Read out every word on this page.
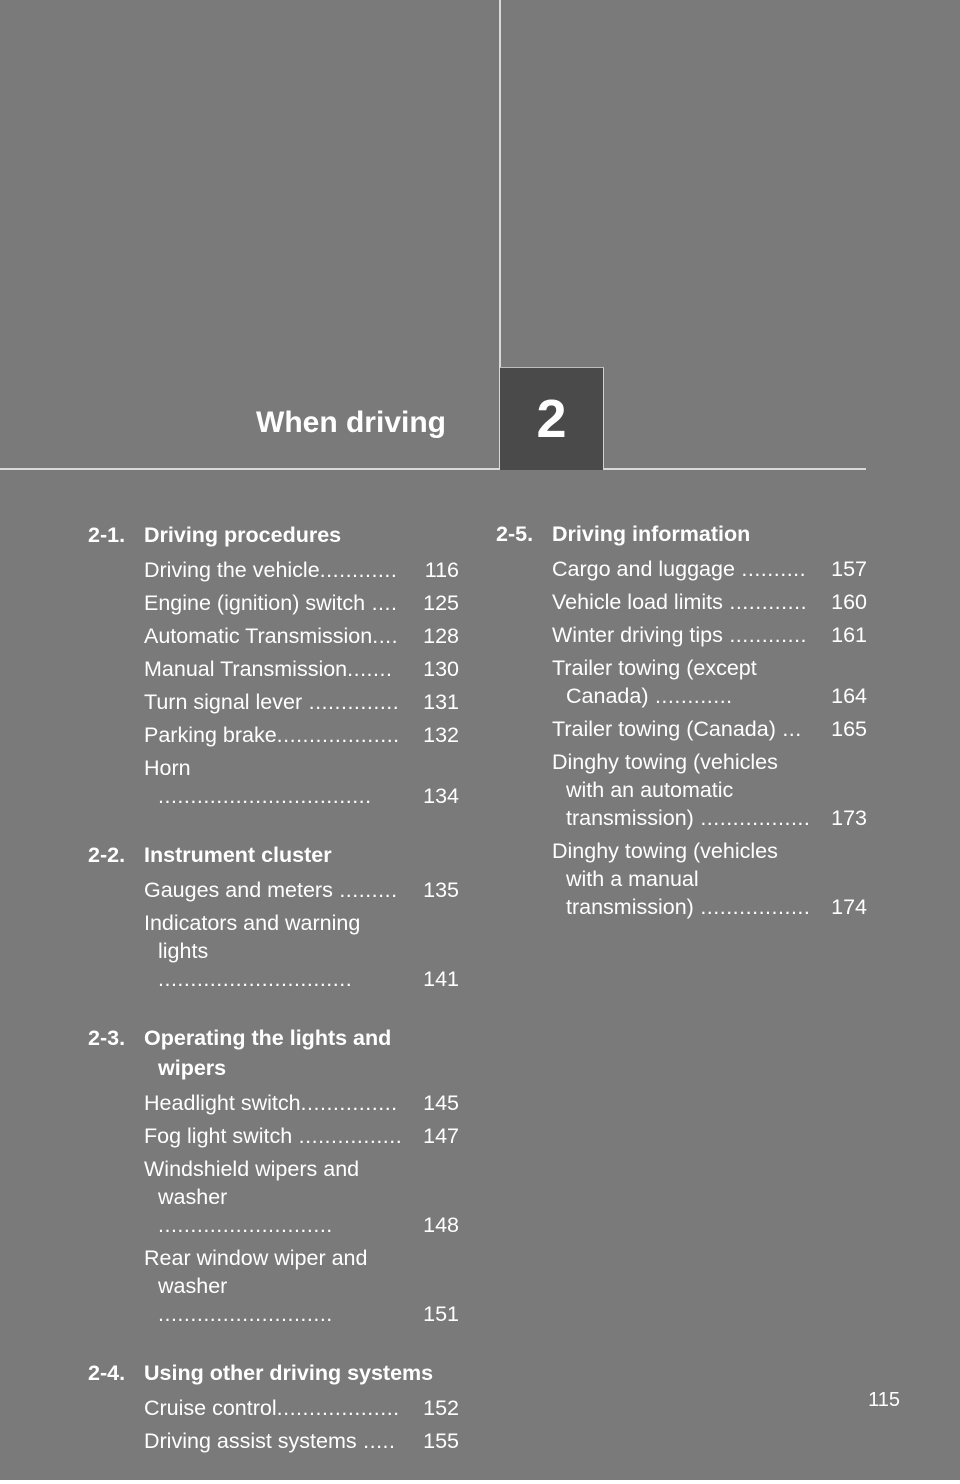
When driving 2
2-1. Driving procedures
Driving the vehicle............	116
Engine (ignition) switch ....	125
Automatic Transmission....	128
Manual Transmission.......	130
Turn signal lever ..............	131
Parking brake...................	132
Horn .................................	134
2-2. Instrument cluster
Gauges and meters .........	135
Indicators and warning lights ..............................	141
2-3. Operating the lights and wipers
Headlight switch...............	145
Fog light switch ................ 147
Windshield wipers and washer ...........................	148
Rear window wiper and washer ...........................	151
2-4. Using other driving systems
Cruise control...................	152
Driving assist systems .....	155
2-5. Driving information
Cargo and luggage ..........	157
Vehicle load limits ............	160
Winter driving tips ............	161
Trailer towing (except Canada) ............	164
Trailer towing (Canada) ...	165
Dinghy towing (vehicles with an automatic transmission) ................. 173
Dinghy towing (vehicles with a manual transmission) ................. 174
115
